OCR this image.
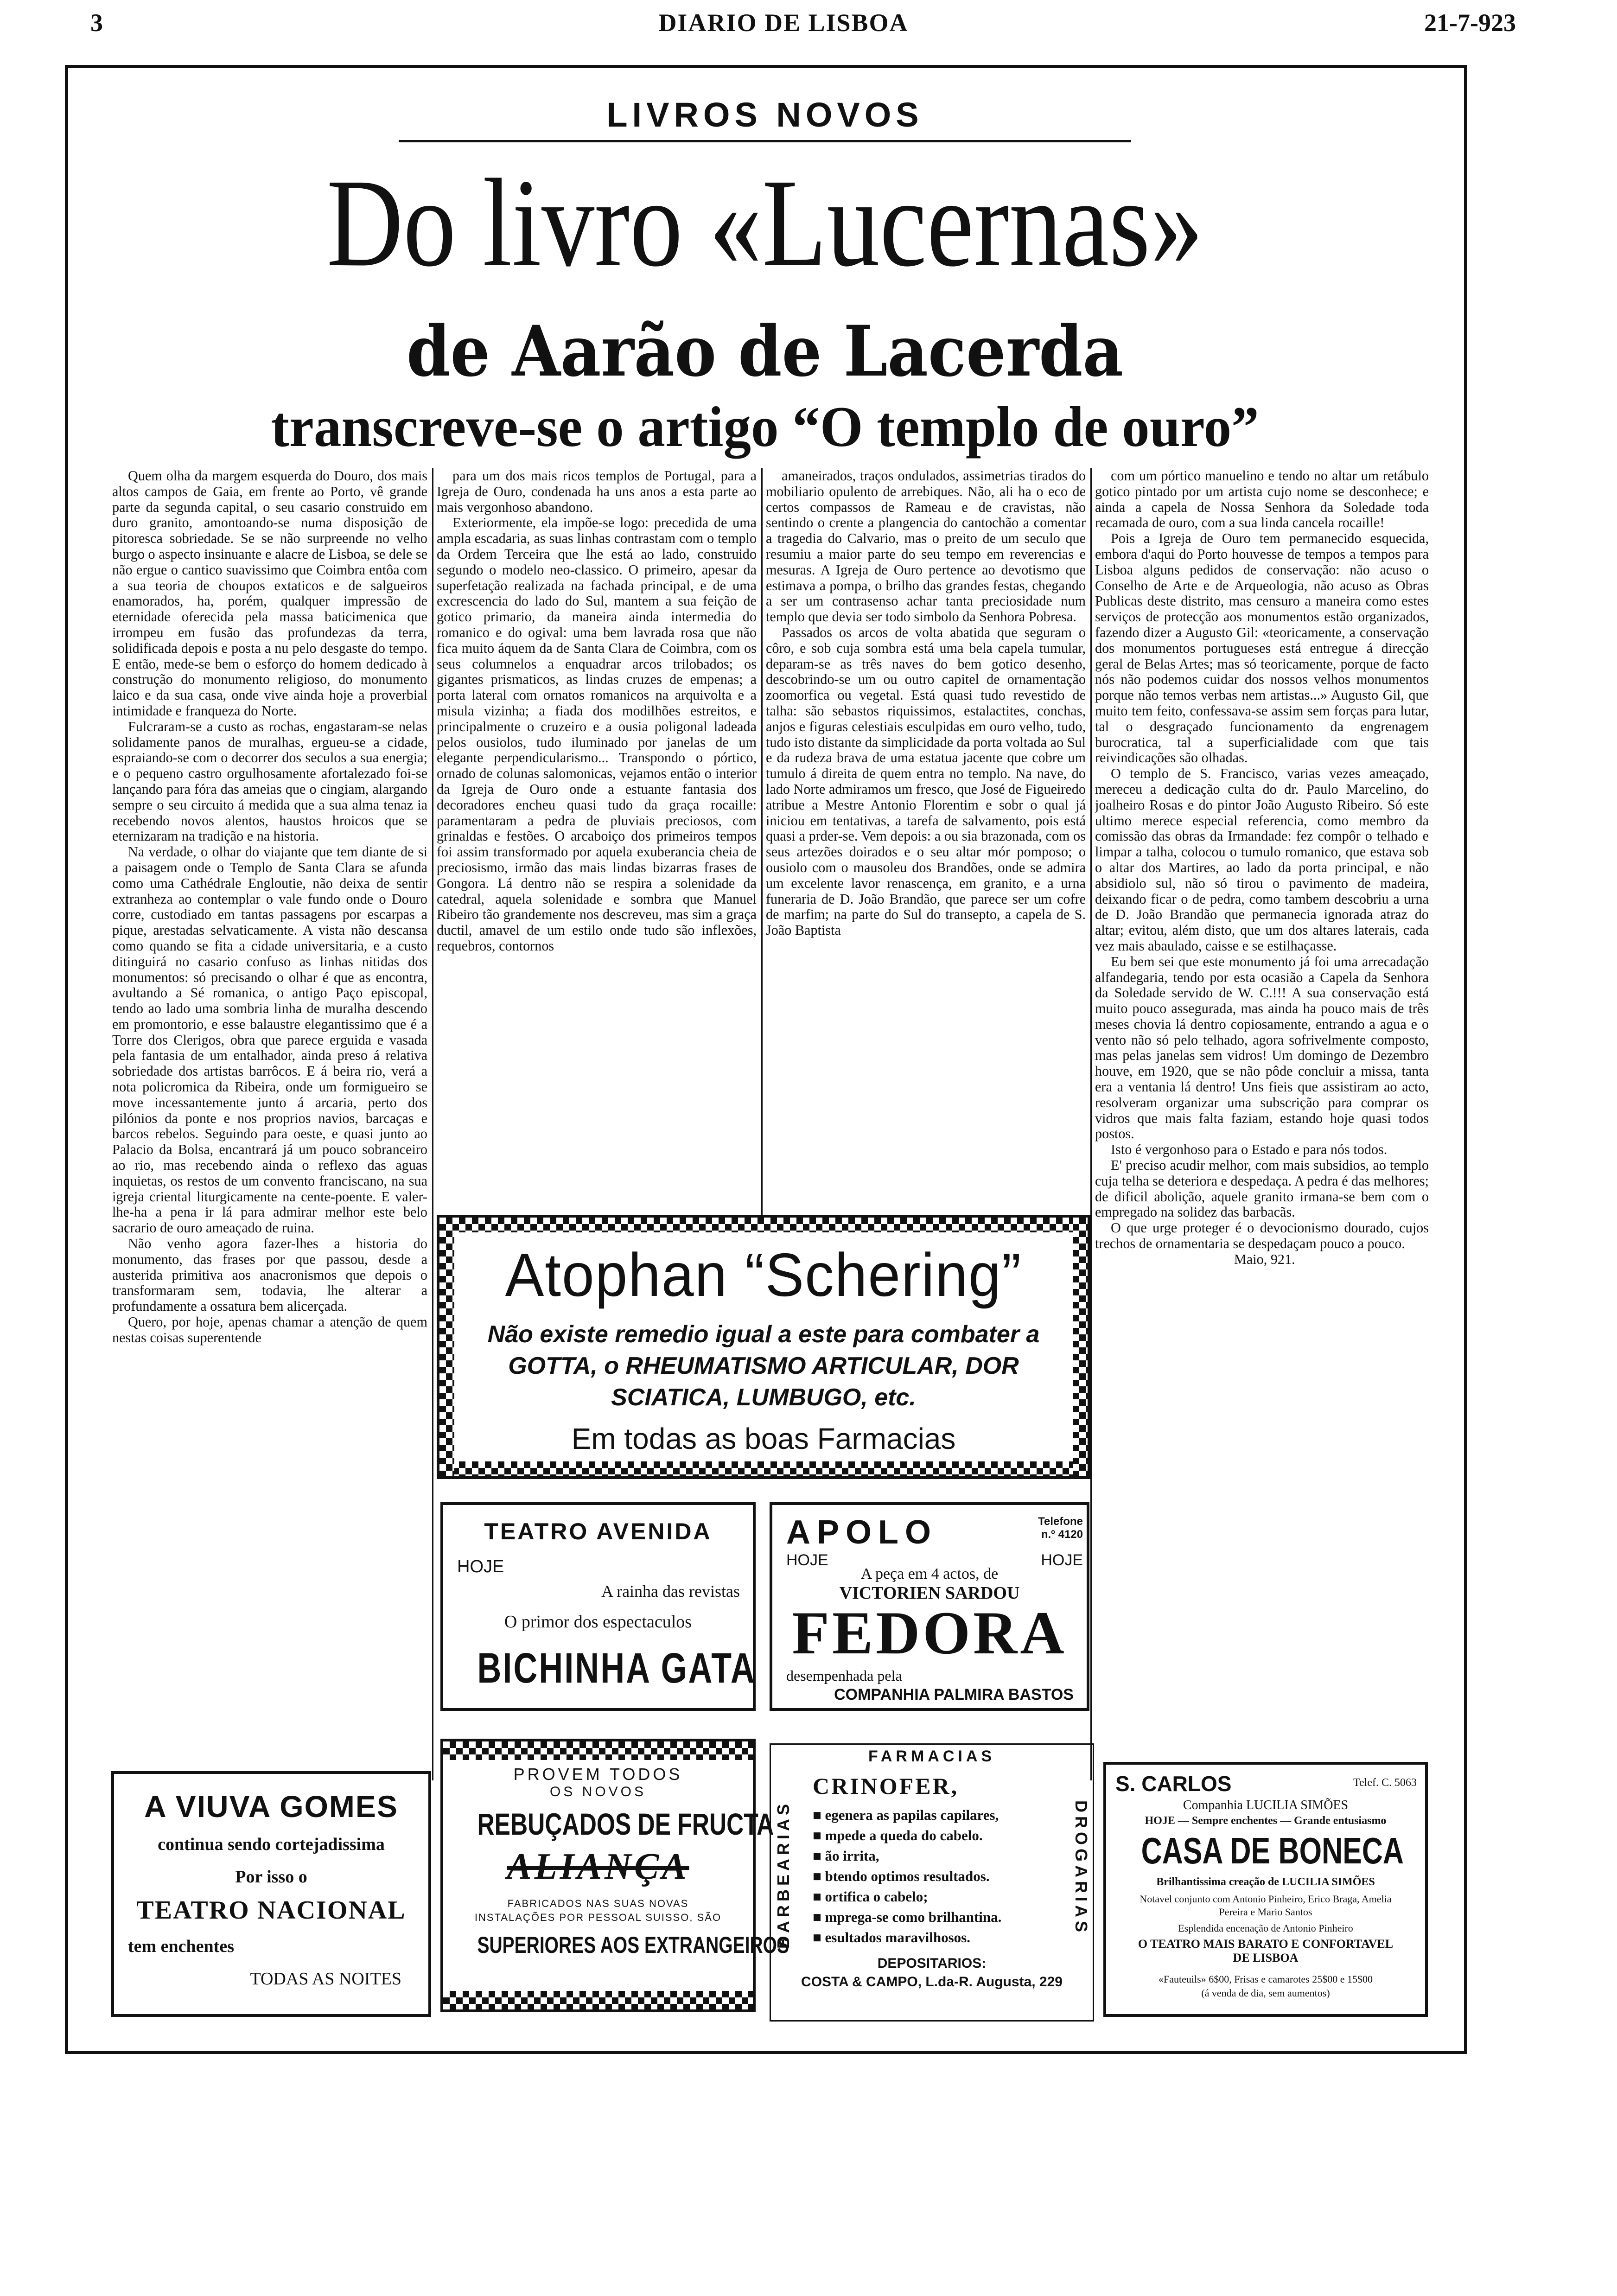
3	DIARIO DE LISBOA	21-7-923
LIVROS NOVOS
Do livro «Lucernas»
de Aarão de Lacerda
transcreve-se o artigo “O templo de ouro”

Quem olha da margem esquerda do Douro, dos mais altos campos de Gaia, em frente ao Porto, vê grande parte da segunda capital, o seu casario construido em duro granito, amontoando-se numa disposição de pitoresca sobriedade. Se se não surpreende no velho burgo o aspecto insinuante e alacre de Lisboa, se dele se não ergue o cantico suavissimo que Coimbra entôa com a sua teoria de choupos extaticos e de salgueiros enamorados, ha, porém, qualquer impressão de eternidade oferecida pela massa baticimenica que irrompeu em fusão das profundezas da terra, solidificada depois e posta a nu pelo desgaste do tempo. E então, mede-se bem o esforço do homem dedicado à construção do monumento religioso, do monumento laico e da sua casa, onde vive ainda hoje a proverbial intimidade e franqueza do Norte.

Fulcraram-se a custo as rochas, engastaram-se nelas solidamente panos de muralhas, ergueu-se a cidade, espraiando-se com o decorrer dos seculos a sua energia; e o pequeno castro orgulhosamente afortalezado foi-se lançando para fóra das ameias que o cingiam, alargando sempre o seu circuito á medida que a sua alma tenaz ia recebendo novos alentos, haustos hroicos que se eternizaram na tradição e na historia.

Na verdade, o olhar do viajante que tem diante de si a paisagem onde o Templo de Santa Clara se afunda como uma Cathédrale Engloutie, não deixa de sentir extranheza ao contemplar o vale fundo onde o Douro corre, custodiado em tantas passagens por escarpas a pique, arestadas selvaticamente. A vista não descansa como quando se fita a cidade universitaria, e a custo ditinguirá no casario confuso as linhas nitidas dos monumentos: só precisando o olhar é que as encontra, avultando a Sé romanica, o antigo Paço episcopal, tendo ao lado uma sombria linha de muralha descendo em promontorio, e esse balaustre elegantissimo que é a Torre dos Clerigos, obra que parece erguida e vasada pela fantasia de um entalhador, ainda preso á relativa sobriedade dos artistas barrôcos. E á beira rio, verá a nota policromica da Ribeira, onde um formigueiro se move incessantemente junto á arcaria, perto dos pilónios da ponte e nos proprios navios, barcaças e barcos rebelos. Seguindo para oeste, e quasi junto ao Palacio da Bolsa, encantrará já um pouco sobranceiro ao rio, mas recebendo ainda o reflexo das aguas inquietas, os restos de um convento franciscano, na sua igreja criental liturgicamente na cente-poente. E valer-lhe-ha a pena ir lá para admirar melhor este belo sacrario de ouro ameaçado de ruina.

Não venho agora fazer-lhes a historia do monumento, das frases por que passou, desde a austerida primitiva aos anacronismos que depois o transformaram sem, todavia, lhe alterar a profundamente a ossatura bem alicerçada.

Quero, por hoje, apenas chamar a atenção de quem nestas coisas superentende

para um dos mais ricos templos de Portugal, para a Igreja de Ouro, condenada ha uns anos a esta parte ao mais vergonhoso abandono.

Exteriormente, ela impõe-se logo: precedida de uma ampla escadaria, as suas linhas contrastam com o templo da Ordem Terceira que lhe está ao lado, construido segundo o modelo neo-classico. O primeiro, apesar da superfetação realizada na fachada principal, e de uma excrescencia do lado do Sul, mantem a sua feição de gotico primario, da maneira ainda intermedia do romanico e do ogival: uma bem lavrada rosa que não fica muito áquem da de Santa Clara de Coimbra, com os seus columnelos a enquadrar arcos trilobados; os gigantes prismaticos, as lindas cruzes de empenas; a porta lateral com ornatos romanicos na arquivolta e a misula vizinha; a fiada dos modilhões estreitos, e principalmente o cruzeiro e a ousia poligonal ladeada pelos ousiolos, tudo iluminado por janelas de um elegante perpendicularismo... Transpondo o pórtico, ornado de colunas salomonicas, vejamos então o interior da Igreja de Ouro onde a estuante fantasia dos decoradores encheu quasi tudo da graça rocaille: paramentaram a pedra de pluviais preciosos, com grinaldas e festões. O arcaboiço dos primeiros tempos foi assim transformado por aquela exuberancia cheia de preciosismo, irmão das mais lindas bizarras frases de Gongora. Lá dentro não se respira a solenidade da catedral, aquela solenidade e sombra que Manuel Ribeiro tão grandemente nos descreveu, mas sim a graça ductil, amavel de um estilo onde tudo são inflexões, requebros, contornos

amaneirados, traços ondulados, assimetrias tirados do mobiliario opulento de arrebiques. Não, ali ha o eco de certos compassos de Rameau e de cravistas, não sentindo o crente a plangencia do cantochão a comentar a tragedia do Calvario, mas o preito de um seculo que resumiu a maior parte do seu tempo em reverencias e mesuras. A Igreja de Ouro pertence ao devotismo que estimava a pompa, o brilho das grandes festas, chegando a ser um contrasenso achar tanta preciosidade num templo que devia ser todo simbolo da Senhora Pobresa.

Passados os arcos de volta abatida que seguram o côro, e sob cuja sombra está uma bela capela tumular, deparam-se as três naves do bem gotico desenho, descobrindo-se um ou outro capitel de ornamentação zoomorfica ou vegetal. Está quasi tudo revestido de talha: são sebastos riquissimos, estalactites, conchas, anjos e figuras celestiais esculpidas em ouro velho, tudo, tudo isto distante da simplicidade da porta voltada ao Sul e da rudeza brava de uma estatua jacente que cobre um tumulo á direita de quem entra no templo. Na nave, do lado Norte admiramos um fresco, que José de Figueiredo atribue a Mestre Antonio Florentim e sobr o qual já iniciou em tentativas, a tarefa de salvamento, pois está quasi a prder-se. Vem depois: a ou sia brazonada, com os seus artezões doirados e o seu altar mór pomposo; o ousiolo com o mausoleu dos Brandões, onde se admira um excelente lavor renascença, em granito, e a urna funeraria de D. João Brandão, que parece ser um cofre de marfim; na parte do Sul do transepto, a capela de S. João Baptista

com um pórtico manuelino e tendo no altar um retábulo gotico pintado por um artista cujo nome se desconhece; e ainda a capela de Nossa Senhora da Soledade toda recamada de ouro, com a sua linda cancela rocaille!

Pois a Igreja de Ouro tem permanecido esquecida, embora d'aqui do Porto houvesse de tempos a tempos para Lisboa alguns pedidos de conservação: não acuso o Conselho de Arte e de Arqueologia, não acuso as Obras Publicas deste distrito, mas censuro a maneira como estes serviços de protecção aos monumentos estão organizados, fazendo dizer a Augusto Gil: «teoricamente, a conservação dos monumentos portugueses está entregue á direcção geral de Belas Artes; mas só teoricamente, porque de facto nós não podemos cuidar dos nossos velhos monumentos porque não temos verbas nem artistas...» Augusto Gil, que muito tem feito, confessava-se assim sem forças para lutar, tal o desgraçado funcionamento da engrenagem burocratica, tal a superficialidade com que tais reivindicações são olhadas.

O templo de S. Francisco, varias vezes ameaçado, mereceu a dedicação culta do dr. Paulo Marcelino, do joalheiro Rosas e do pintor João Augusto Ribeiro. Só este ultimo merece especial referencia, como membro da comissão das obras da Irmandade: fez compôr o telhado e limpar a talha, colocou o tumulo romanico, que estava sob o altar dos Martires, ao lado da porta principal, e não absidiolo sul, não só tirou o pavimento de madeira, deixando ficar o de pedra, como tambem descobriu a urna de D. João Brandão que permanecia ignorada atraz do altar; evitou, além disto, que um dos altares laterais, cada vez mais abaulado, caisse e se estilhaçasse.

Eu bem sei que este monumento já foi uma arrecadação alfandegaria, tendo por esta ocasião a Capela da Senhora da Soledade servido de W. C.!!! A sua conservação está muito pouco assegurada, mas ainda ha pouco mais de três meses chovia lá dentro copiosamente, entrando a agua e o vento não só pelo telhado, agora sofrivelmente composto, mas pelas janelas sem vidros! Um domingo de Dezembro houve, em 1920, que se não pôde concluir a missa, tanta era a ventania lá dentro! Uns fieis que assistiram ao acto, resolveram organizar uma subscrição para comprar os vidros que mais falta faziam, estando hoje quasi todos postos.

Isto é vergonhoso para o Estado e para nós todos.

E' preciso acudir melhor, com mais subsidios, ao templo cuja telha se deteriora e despedaça. A pedra é das melhores; de dificil abolição, aquele granito irmana-se bem com o empregado na solidez das barbacãs.

O que urge proteger é o devocionismo dourado, cujos trechos de ornamentaria se despedaçam pouco a pouco.

Maio, 921.

Atophan “Schering”
Não existe remedio igual a este para combater a
GOTTA, o RHEUMATISMO ARTICULAR, DOR
SCIATICA, LUMBUGO, etc.
Em todas as boas Farmacias
TEATRO AVENIDA
HOJE
A rainha das revistas
O primor dos espectaculos
BICHINHA GATA
APOLO	Telefone
n.º 4120
HOJE	HOJE
A peça em 4 actos, de
VICTORIEN SARDOU
FEDORA
desempenhada pela
COMPANHIA PALMIRA BASTOS
A VIUVA GOMES
continua sendo cortejadissima
Por isso o
TEATRO NACIONAL
tem enchentes
TODAS AS NOITES
PROVEM TODOS
OS NOVOS
REBUÇADOS DE FRUCTA
ALIANÇA
FABRICADOS NAS SUAS NOVAS INSTALAÇÕES POR PESSOAL SUISSO, SÃO
SUPERIORES AOS EXTRANGEIROS
FARMACIAS
BARBEARIAS	DROGARIAS
CRINOFER,
■ egenera as papilas capilares,
■ mpede a queda do cabelo.
■ ão irrita,
■ btendo optimos resultados.
■ ortifica o cabelo;
■ mprega-se como brilhantina.
■ esultados maravilhosos.
DEPOSITARIOS:
COSTA & CAMPO, L.da-R. Augusta, 229
S. CARLOS	Telef. C. 5063
Companhia LUCILIA SIMÕES
HOJE — Sempre enchentes — Grande entusiasmo
CASA DE BONECA
Brilhantissima creação de LUCILIA SIMÕES
Notavel conjunto com Antonio Pinheiro, Erico Braga, Amelia Pereira e Mario Santos
Esplendida encenação de Antonio Pinheiro
O TEATRO MAIS BARATO E CONFORTAVEL DE LISBOA
«Fauteuils» 6$00, Frisas e camarotes 25$00 e 15$00
(á venda de dia, sem aumentos)
